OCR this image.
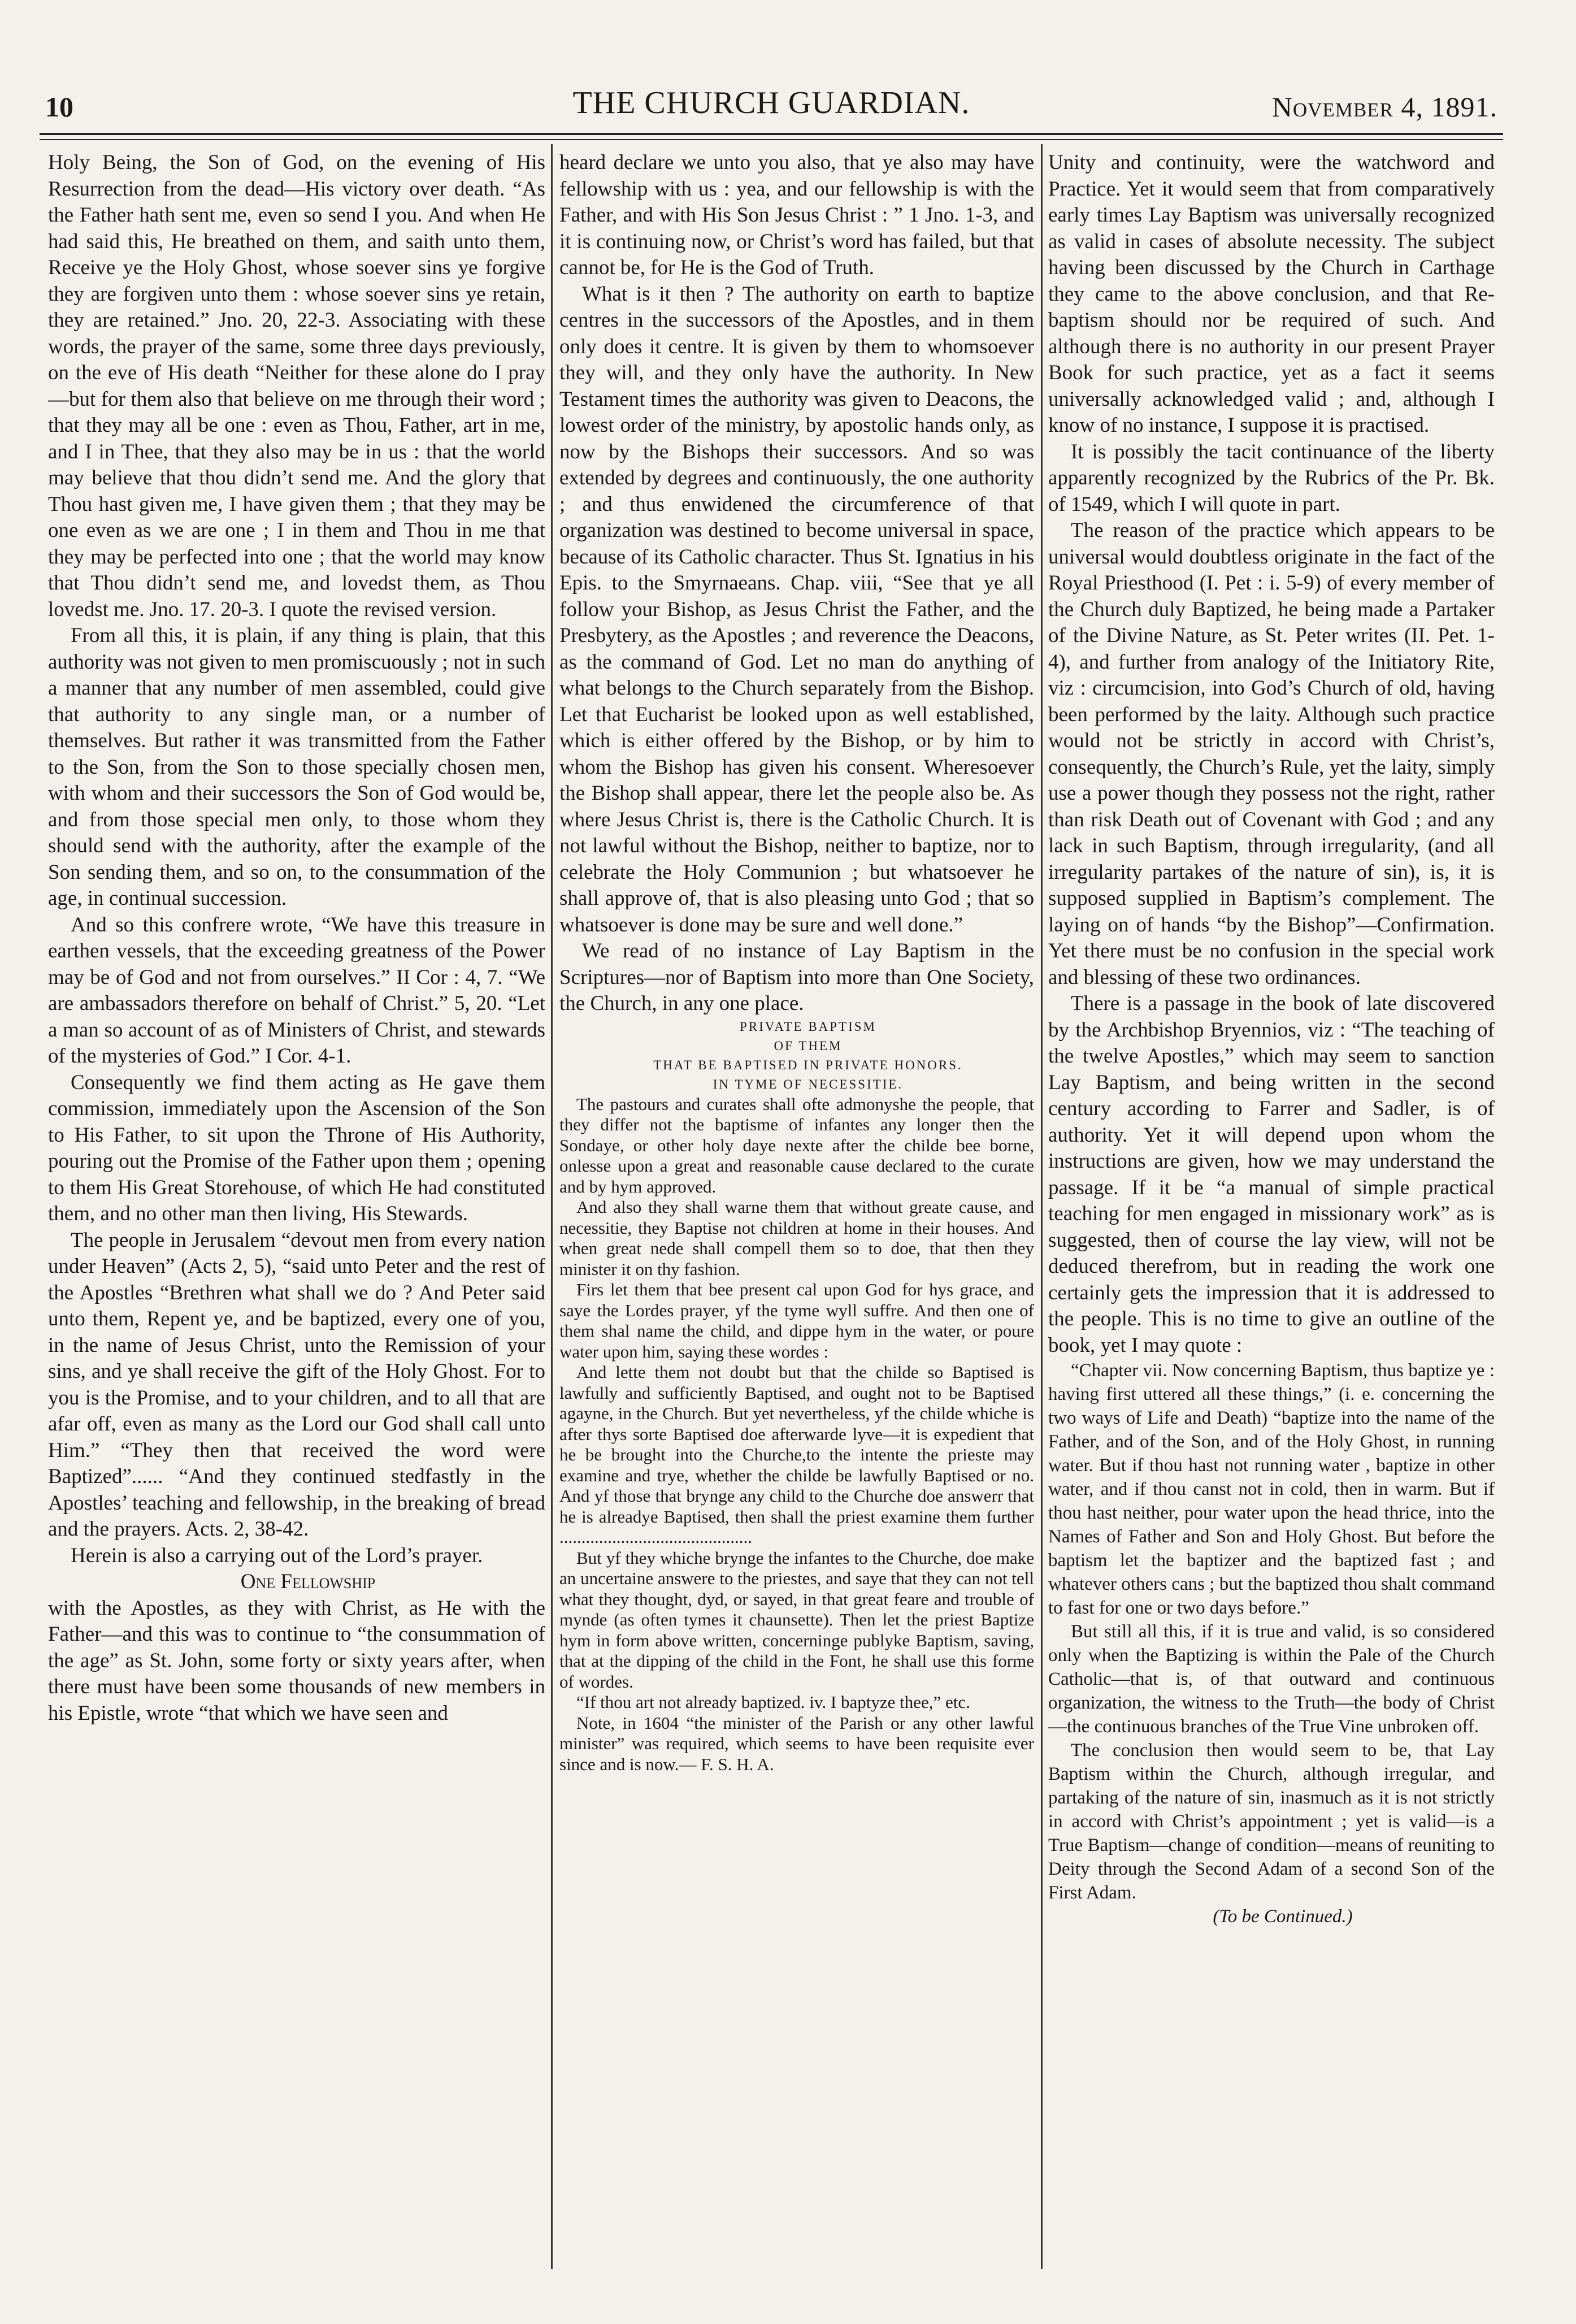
10	THE CHURCH GUARDIAN.	November 4, 1891.

Holy Being, the Son of God, on the evening of His Resurrection from the dead—His victory over death. “As the Father hath sent me, even so send I you. And when He had said this, He breathed on them, and saith unto them, Receive ye the Holy Ghost, whose soever sins ye forgive they are forgiven unto them : whose soever sins ye retain, they are retained.” Jno. 20, 22-3. Associating with these words, the prayer of the same, some three days previously, on the eve of His death “Neither for these alone do I pray—but for them also that believe on me through their word ; that they may all be one : even as Thou, Father, art in me, and I in Thee, that they also may be in us : that the world may believe that thou didn’t send me. And the glory that Thou hast given me, I have given them ; that they may be one even as we are one ; I in them and Thou in me that they may be perfected into one ; that the world may know that Thou didn’t send me, and lovedst them, as Thou lovedst me. Jno. 17. 20-3. I quote the revised version.

From all this, it is plain, if any thing is plain, that this authority was not given to men promiscuously ; not in such a manner that any number of men assembled, could give that authority to any single man, or a number of themselves. But rather it was transmitted from the Father to the Son, from the Son to those specially chosen men, with whom and their successors the Son of God would be, and from those special men only, to those whom they should send with the authority, after the example of the Son sending them, and so on, to the consummation of the age, in continual succession.

And so this confrere wrote, “We have this treasure in earthen vessels, that the exceeding greatness of the Power may be of God and not from ourselves.” II Cor : 4, 7. “We are ambassadors therefore on behalf of Christ.” 5, 20. “Let a man so account of as of Ministers of Christ, and stewards of the mysteries of God.” I Cor. 4-1.

Consequently we find them acting as He gave them commission, immediately upon the Ascension of the Son to His Father, to sit upon the Throne of His Authority, pouring out the Promise of the Father upon them ; opening to them His Great Storehouse, of which He had constituted them, and no other man then living, His Stewards.

The people in Jerusalem “devout men from every nation under Heaven” (Acts 2, 5), “said unto Peter and the rest of the Apostles “Brethren what shall we do ? And Peter said unto them, Repent ye, and be baptized, every one of you, in the name of Jesus Christ, unto the Remission of your sins, and ye shall receive the gift of the Holy Ghost. For to you is the Promise, and to your children, and to all that are afar off, even as many as the Lord our God shall call unto Him.” “They then that received the word were Baptized”...... “And they continued stedfastly in the Apostles’ teaching and fellowship, in the breaking of bread and the prayers. Acts. 2, 38-42.

Herein is also a carrying out of the Lord’s prayer.

One Fellowship

with the Apostles, as they with Christ, as He with the Father—and this was to continue to “the consummation of the age” as St. John, some forty or sixty years after, when there must have been some thousands of new members in his Epistle, wrote “that which we have seen and

heard declare we unto you also, that ye also may have fellowship with us : yea, and our fellowship is with the Father, and with His Son Jesus Christ : ” 1 Jno. 1-3, and it is continuing now, or Christ’s word has failed, but that cannot be, for He is the God of Truth.

What is it then ? The authority on earth to baptize centres in the successors of the Apostles, and in them only does it centre. It is given by them to whomsoever they will, and they only have the authority. In New Testament times the authority was given to Deacons, the lowest order of the ministry, by apostolic hands only, as now by the Bishops their successors. And so was extended by degrees and continuously, the one authority ; and thus enwidened the circumference of that organization was destined to become universal in space, because of its Catholic character. Thus St. Ignatius in his Epis. to the Smyrnaeans. Chap. viii, “See that ye all follow your Bishop, as Jesus Christ the Father, and the Presbytery, as the Apostles ; and reverence the Deacons, as the command of God. Let no man do anything of what belongs to the Church separately from the Bishop. Let that Eucharist be looked upon as well established, which is either offered by the Bishop, or by him to whom the Bishop has given his consent. Wheresoever the Bishop shall appear, there let the people also be. As where Jesus Christ is, there is the Catholic Church. It is not lawful without the Bishop, neither to baptize, nor to celebrate the Holy Communion ; but whatsoever he shall approve of, that is also pleasing unto God ; that so whatsoever is done may be sure and well done.”

We read of no instance of Lay Baptism in the Scriptures—nor of Baptism into more than One Society, the Church, in any one place.

PRIVATE BAPTISM

OF THEM

THAT BE BAPTISED IN PRIVATE HONORS.

IN TYME OF NECESSITIE.

The pastours and curates shall ofte admonyshe the people, that they differ not the baptisme of infantes any longer then the Sondaye, or other holy daye nexte after the childe bee borne, onlesse upon a great and reasonable cause declared to the curate and by hym approved.

And also they shall warne them that without greate cause, and necessitie, they Baptise not children at home in their houses. And when great nede shall compell them so to doe, that then they minister it on thy fashion.

Firs let them that bee present cal upon God for hys grace, and saye the Lordes prayer, yf the tyme wyll suffre. And then one of them shal name the child, and dippe hym in the water, or poure water upon him, saying these wordes :

And lette them not doubt but that the childe so Baptised is lawfully and sufficiently Baptised, and ought not to be Baptised agayne, in the Church. But yet nevertheless, yf the childe whiche is after thys sorte Baptised doe afterwarde lyve—it is expedient that he be brought into the Churche,to the intente the prieste may examine and trye, whether the childe be lawfully Baptised or no. And yf those that brynge any child to the Churche doe answerr that he is alreadye Baptised, then shall the priest examine them further ............................................

But yf they whiche brynge the infantes to the Churche, doe make an uncertaine answere to the priestes, and saye that they can not tell what they thought, dyd, or sayed, in that great feare and trouble of mynde (as often tymes it chaunsette). Then let the priest Baptize hym in form above written, concerninge publyke Baptism, saving, that at the dipping of the child in the Font, he shall use this forme of wordes.

“If thou art not already baptized. iv. I baptyze thee,” etc.

Note, in 1604 “the minister of the Parish or any other lawful minister” was required, which seems to have been requisite ever since and is now.— F. S. H. A.

Unity and continuity, were the watchword and Practice. Yet it would seem that from comparatively early times Lay Baptism was universally recognized as valid in cases of absolute necessity. The subject having been discussed by the Church in Carthage they came to the above conclusion, and that Re-baptism should nor be required of such. And although there is no authority in our present Prayer Book for such practice, yet as a fact it seems universally acknowledged valid ; and, although I know of no instance, I suppose it is practised.

It is possibly the tacit continuance of the liberty apparently recognized by the Rubrics of the Pr. Bk. of 1549, which I will quote in part.

The reason of the practice which appears to be universal would doubtless originate in the fact of the Royal Priesthood (I. Pet : i. 5-9) of every member of the Church duly Baptized, he being made a Partaker of the Divine Nature, as St. Peter writes (II. Pet. 1-4), and further from analogy of the Initiatory Rite, viz : circumcision, into God’s Church of old, having been performed by the laity. Although such practice would not be strictly in accord with Christ’s, consequently, the Church’s Rule, yet the laity, simply use a power though they possess not the right, rather than risk Death out of Covenant with God ; and any lack in such Baptism, through irregularity, (and all irregularity partakes of the nature of sin), is, it is supposed supplied in Baptism’s complement. The laying on of hands “by the Bishop”—Confirmation. Yet there must be no confusion in the special work and blessing of these two ordinances.

There is a passage in the book of late discovered by the Archbishop Bryennios, viz : “The teaching of the twelve Apostles,” which may seem to sanction Lay Baptism, and being written in the second century according to Farrer and Sadler, is of authority. Yet it will depend upon whom the instructions are given, how we may understand the passage. If it be “a manual of simple practical teaching for men engaged in missionary work” as is suggested, then of course the lay view, will not be deduced therefrom, but in reading the work one certainly gets the impression that it is addressed to the people. This is no time to give an outline of the book, yet I may quote :

“Chapter vii. Now concerning Baptism, thus baptize ye : having first uttered all these things,” (i. e. concerning the two ways of Life and Death) “baptize into the name of the Father, and of the Son, and of the Holy Ghost, in running water. But if thou hast not running water , baptize in other water, and if thou canst not in cold, then in warm. But if thou hast neither, pour water upon the head thrice, into the Names of Father and Son and Holy Ghost. But before the baptism let the baptizer and the baptized fast ; and whatever others cans ; but the baptized thou shalt command to fast for one or two days before.”

But still all this, if it is true and valid, is so considered only when the Baptizing is within the Pale of the Church Catholic—that is, of that outward and continuous organization, the witness to the Truth—the body of Christ—the continuous branches of the True Vine unbroken off.

The conclusion then would seem to be, that Lay Baptism within the Church, although irregular, and partaking of the nature of sin, inasmuch as it is not strictly in accord with Christ’s appointment ; yet is valid—is a True Baptism—change of condition—means of reuniting to Deity through the Second Adam of a second Son of the First Adam.

(To be Continued.)
